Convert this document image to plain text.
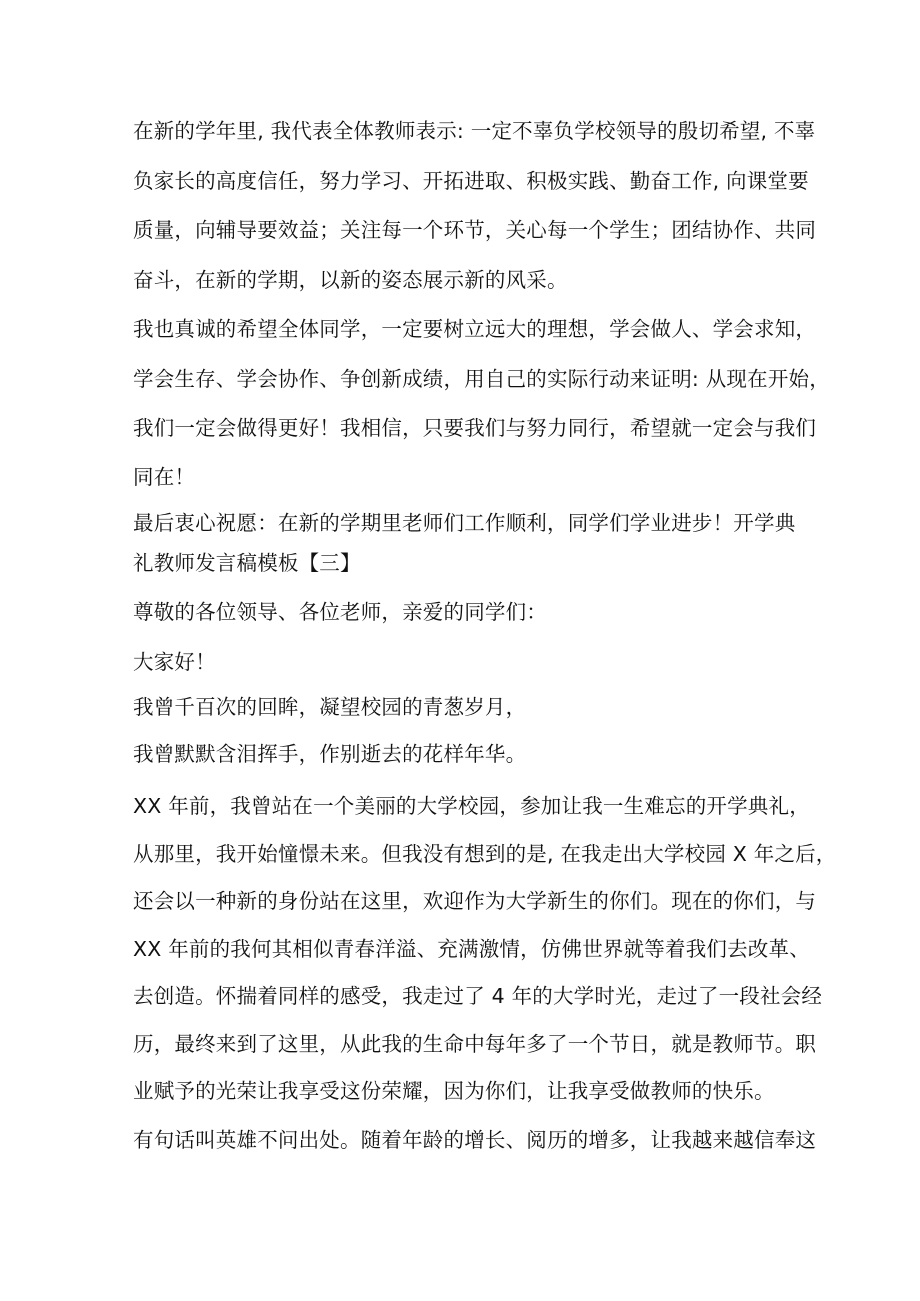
在新的学年里, 我代表全体教师表示: 一定不辜负学校领导的殷切希望, 不辜
负家长的高度信任，努力学习、开拓进取、积极实践、勤奋工作, 向课堂要
质量，向辅导要效益；关注每一个环节，关心每一个学生；团结协作、共同
奋斗，在新的学期，以新的姿态展示新的风采。
我也真诚的希望全体同学，一定要树立远大的理想，学会做人、学会求知，
学会生存、学会协作、争创新成绩，用自己的实际行动来证明: 从现在开始，
我们一定会做得更好！我相信，只要我们与努力同行，希望就一定会与我们
同在！
最后衷心祝愿：在新的学期里老师们工作顺利，同学们学业进步！开学典
礼教师发言稿模板【三】
尊敬的各位领导、各位老师，亲爱的同学们：
大家好！
我曾千百次的回眸，凝望校园的青葱岁月，
我曾默默含泪挥手，作别逝去的花样年华。
XX 年前，我曾站在一个美丽的大学校园，参加让我一生难忘的开学典礼，
从那里，我开始憧憬未来。但我没有想到的是, 在我走出大学校园 X 年之后，
还会以一种新的身份站在这里，欢迎作为大学新生的你们。现在的你们，与
XX 年前的我何其相似青春洋溢、充满激情，仿佛世界就等着我们去改革、
去创造。怀揣着同样的感受，我走过了 4 年的大学时光，走过了一段社会经
历，最终来到了这里，从此我的生命中每年多了一个节日，就是教师节。职
业赋予的光荣让我享受这份荣耀，因为你们，让我享受做教师的快乐。
有句话叫英雄不问出处。随着年龄的增长、阅历的增多，让我越来越信奉这
